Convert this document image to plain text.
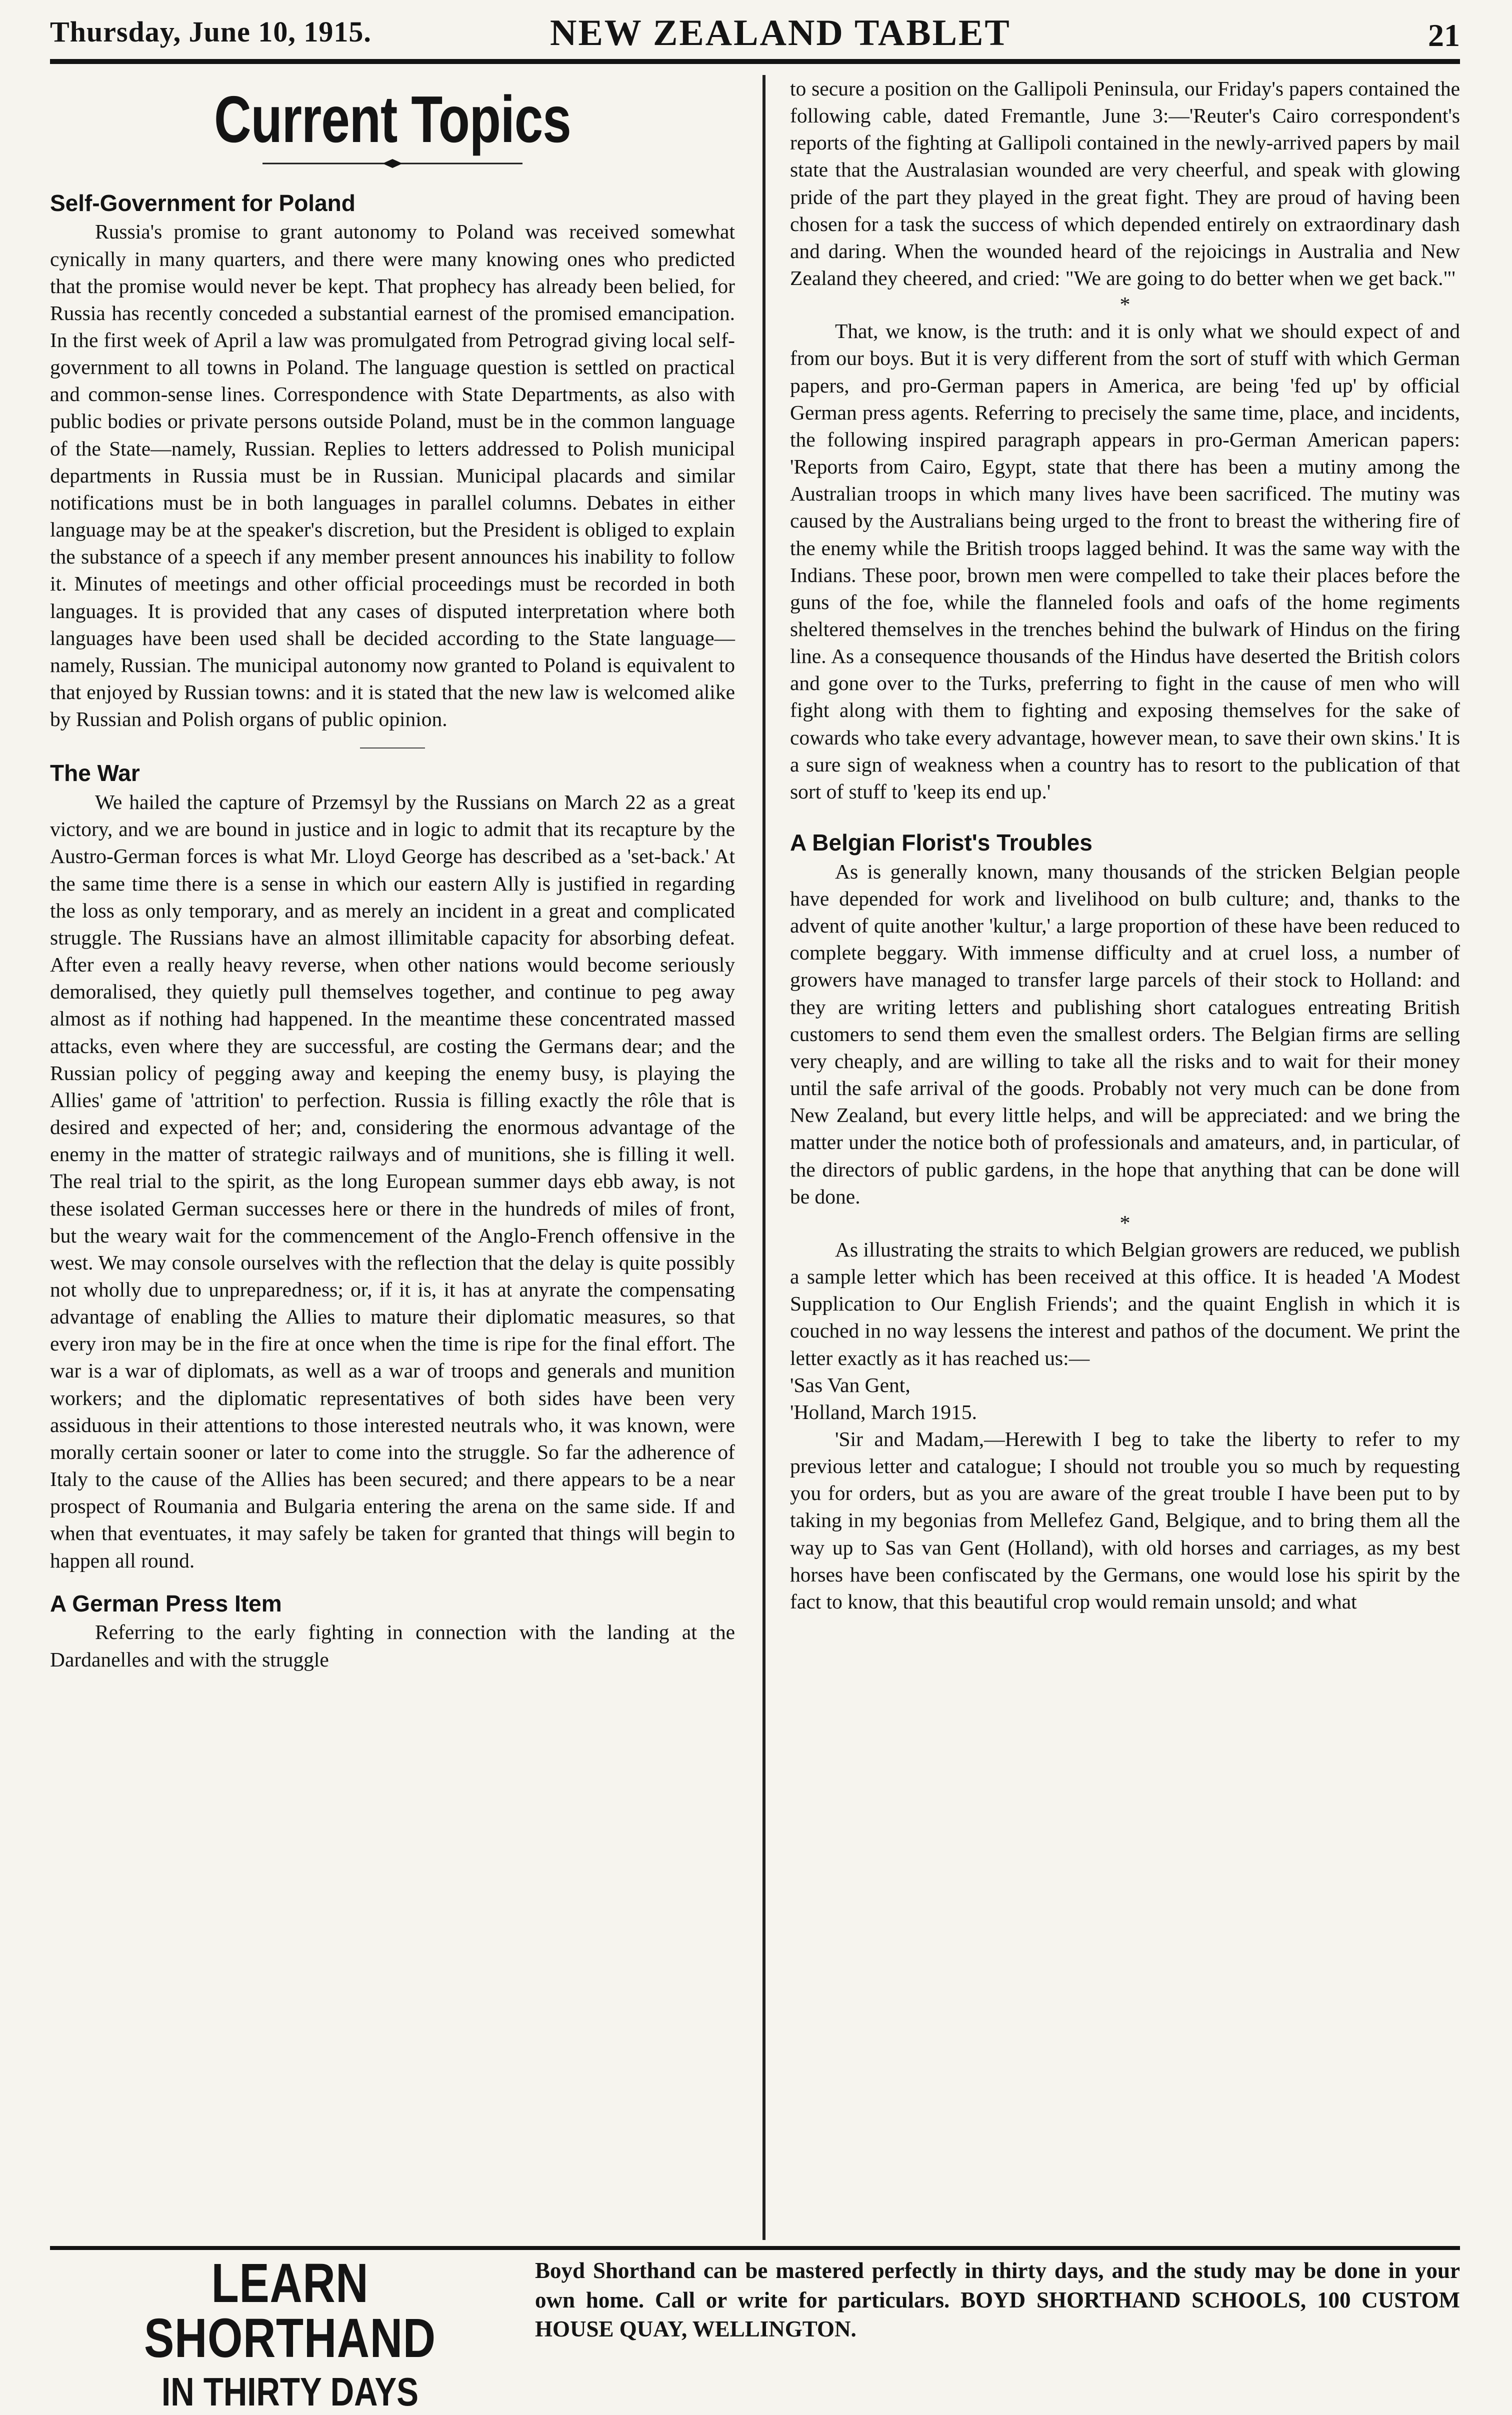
Thursday, June 10, 1915.	NEW ZEALAND TABLET	21
Current Topics
Self-Government for Poland

Russia's promise to grant autonomy to Poland was received somewhat cynically in many quarters, and there were many knowing ones who predicted that the promise would never be kept. That prophecy has already been belied, for Russia has recently conceded a substantial earnest of the promised emancipation. In the first week of April a law was promulgated from Petrograd giving local self-government to all towns in Poland. The language question is settled on practical and common-sense lines. Correspondence with State Departments, as also with public bodies or private persons outside Poland, must be in the common language of the State—namely, Russian. Replies to letters addressed to Polish municipal departments in Russia must be in Russian. Municipal placards and similar notifications must be in both languages in parallel columns. Debates in either language may be at the speaker's discretion, but the President is obliged to explain the substance of a speech if any member present announces his inability to follow it. Minutes of meetings and other official proceedings must be recorded in both languages. It is provided that any cases of disputed interpretation where both languages have been used shall be decided according to the State language—namely, Russian. The municipal autonomy now granted to Poland is equivalent to that enjoyed by Russian towns: and it is stated that the new law is welcomed alike by Russian and Polish organs of public opinion.

The War

We hailed the capture of Przemsyl by the Russians on March 22 as a great victory, and we are bound in justice and in logic to admit that its recapture by the Austro-German forces is what Mr. Lloyd George has described as a 'set-back.' At the same time there is a sense in which our eastern Ally is justified in regarding the loss as only temporary, and as merely an incident in a great and complicated struggle. The Russians have an almost illimitable capacity for absorbing defeat. After even a really heavy reverse, when other nations would become seriously demoralised, they quietly pull themselves together, and continue to peg away almost as if nothing had happened. In the meantime these concentrated massed attacks, even where they are successful, are costing the Germans dear; and the Russian policy of pegging away and keeping the enemy busy, is playing the Allies' game of 'attrition' to perfection. Russia is filling exactly the rôle that is desired and expected of her; and, considering the enormous advantage of the enemy in the matter of strategic railways and of munitions, she is filling it well. The real trial to the spirit, as the long European summer days ebb away, is not these isolated German successes here or there in the hundreds of miles of front, but the weary wait for the commencement of the Anglo-French offensive in the west. We may console ourselves with the reflection that the delay is quite possibly not wholly due to unpreparedness; or, if it is, it has at anyrate the compensating advantage of enabling the Allies to mature their diplomatic measures, so that every iron may be in the fire at once when the time is ripe for the final effort. The war is a war of diplomats, as well as a war of troops and generals and munition workers; and the diplomatic representatives of both sides have been very assiduous in their attentions to those interested neutrals who, it was known, were morally certain sooner or later to come into the struggle. So far the adherence of Italy to the cause of the Allies has been secured; and there appears to be a near prospect of Roumania and Bulgaria entering the arena on the same side. If and when that eventuates, it may safely be taken for granted that things will begin to happen all round.

A German Press Item

Referring to the early fighting in connection with the landing at the Dardanelles and with the struggle

to secure a position on the Gallipoli Peninsula, our Friday's papers contained the following cable, dated Fremantle, June 3:—'Reuter's Cairo correspondent's reports of the fighting at Gallipoli contained in the newly-arrived papers by mail state that the Australasian wounded are very cheerful, and speak with glowing pride of the part they played in the great fight. They are proud of having been chosen for a task the success of which depended entirely on extraordinary dash and daring. When the wounded heard of the rejoicings in Australia and New Zealand they cheered, and cried: "We are going to do better when we get back."'

*

That, we know, is the truth: and it is only what we should expect of and from our boys. But it is very different from the sort of stuff with which German papers, and pro-German papers in America, are being 'fed up' by official German press agents. Referring to precisely the same time, place, and incidents, the following inspired paragraph appears in pro-German American papers: 'Reports from Cairo, Egypt, state that there has been a mutiny among the Australian troops in which many lives have been sacrificed. The mutiny was caused by the Australians being urged to the front to breast the withering fire of the enemy while the British troops lagged behind. It was the same way with the Indians. These poor, brown men were compelled to take their places before the guns of the foe, while the flanneled fools and oafs of the home regiments sheltered themselves in the trenches behind the bulwark of Hindus on the firing line. As a consequence thousands of the Hindus have deserted the British colors and gone over to the Turks, preferring to fight in the cause of men who will fight along with them to fighting and exposing themselves for the sake of cowards who take every advantage, however mean, to save their own skins.' It is a sure sign of weakness when a country has to resort to the publication of that sort of stuff to 'keep its end up.'

A Belgian Florist's Troubles

As is generally known, many thousands of the stricken Belgian people have depended for work and livelihood on bulb culture; and, thanks to the advent of quite another 'kultur,' a large proportion of these have been reduced to complete beggary. With immense difficulty and at cruel loss, a number of growers have managed to transfer large parcels of their stock to Holland: and they are writing letters and publishing short catalogues entreating British customers to send them even the smallest orders. The Belgian firms are selling very cheaply, and are willing to take all the risks and to wait for their money until the safe arrival of the goods. Probably not very much can be done from New Zealand, but every little helps, and will be appreciated: and we bring the matter under the notice both of professionals and amateurs, and, in particular, of the directors of public gardens, in the hope that anything that can be done will be done.

*

As illustrating the straits to which Belgian growers are reduced, we publish a sample letter which has been received at this office. It is headed 'A Modest Supplication to Our English Friends'; and the quaint English in which it is couched in no way lessens the interest and pathos of the document. We print the letter exactly as it has reached us:—

'Sas Van Gent,

'Holland, March 1915.

'Sir and Madam,—Herewith I beg to take the liberty to refer to my previous letter and catalogue; I should not trouble you so much by requesting you for orders, but as you are aware of the great trouble I have been put to by taking in my begonias from Mellefez Gand, Belgique, and to bring them all the way up to Sas van Gent (Holland), with old horses and carriages, as my best horses have been confiscated by the Germans, one would lose his spirit by the fact to know, that this beautiful crop would remain unsold; and what

LEARN SHORTHAND
IN THIRTY DAYS
Boyd Shorthand can be mastered perfectly in thirty days, and the study may be done in your own home. Call or write for particulars. BOYD SHORTHAND SCHOOLS, 100 CUSTOM HOUSE QUAY, WELLINGTON.
